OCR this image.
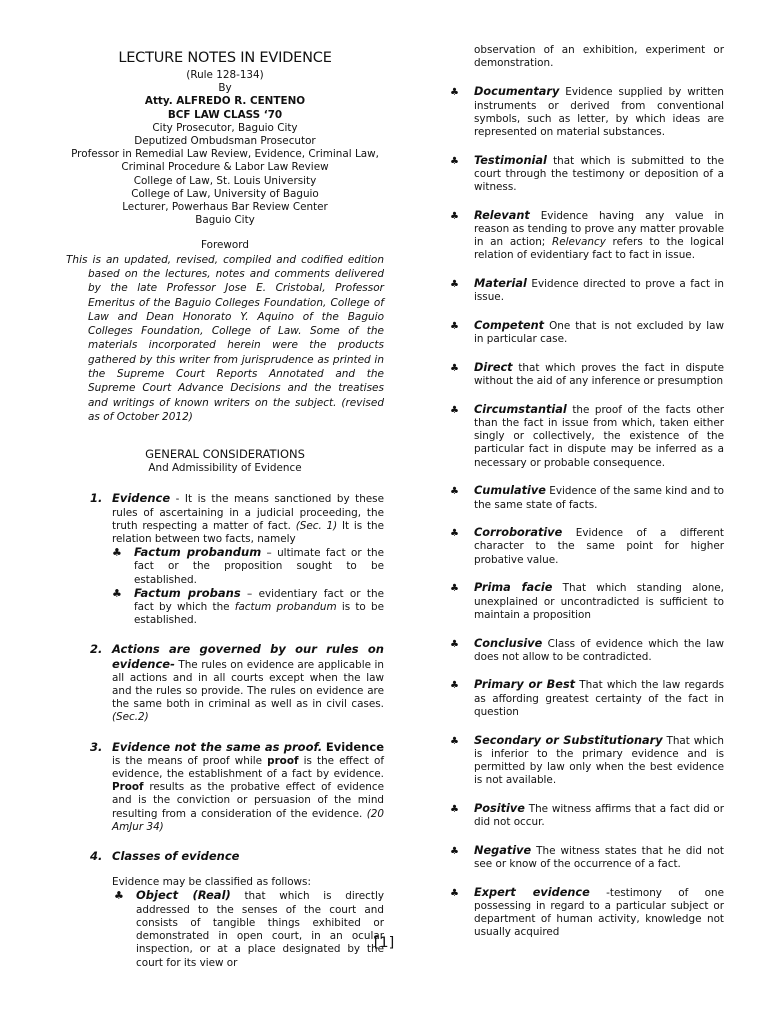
LECTURE NOTES IN EVIDENCE
(Rule 128-134)
By
Atty. ALFREDO R. CENTENO
BCF LAW CLASS ‘70
City Prosecutor, Baguio City
Deputized Ombudsman Prosecutor
Professor in Remedial Law Review, Evidence, Criminal Law,
Criminal Procedure & Labor Law Review
College of Law, St. Louis University
College of Law, University of Baguio
Lecturer, Powerhaus Bar Review Center
Baguio City
Foreword
This is an updated, revised, compiled and codified edition based on the lectures, notes and comments delivered by the late Professor Jose E. Cristobal, Professor Emeritus of the Baguio Colleges Foundation, College of Law and Dean Honorato Y. Aquino of the Baguio Colleges Foundation, College of Law. Some of the materials incorporated herein were the products gathered by this writer from jurisprudence as printed in the Supreme Court Reports Annotated and the Supreme Court Advance Decisions and the treatises and writings of known writers on the subject. (revised as of October 2012)
GENERAL CONSIDERATIONS
And Admissibility of Evidence
1. Evidence - It is the means sanctioned by these rules of ascertaining in a judicial proceeding, the truth respecting a matter of fact. (Sec. 1) It is the relation between two facts, namely
♣ Factum probandum – ultimate fact or the fact or the proposition sought to be established.
♣ Factum probans – evidentiary fact or the fact by which the factum probandum is to be established.
2. Actions are governed by our rules on evidence- The rules on evidence are applicable in all actions and in all courts except when the law and the rules so provide. The rules on evidence are the same both in criminal as well as in civil cases.(Sec.2)
3. Evidence not the same as proof. Evidence is the means of proof while proof is the effect of evidence, the establishment of a fact by evidence. Proof results as the probative effect of evidence and is the conviction or persuasion of the mind resulting from a consideration of the evidence. (20 AmJur 34)
4. Classes of evidence
Evidence may be classified as follows:
♣ Object (Real) that which is directly addressed to the senses of the court and consists of tangible things exhibited or demonstrated in open court, in an ocular inspection, or at a place designated by the court for its view or
observation of an exhibition, experiment or demonstration.
♣ Documentary Evidence supplied by written instruments or derived from conventional symbols, such as letter, by which ideas are represented on material substances.
♣ Testimonial that which is submitted to the court through the testimony or deposition of a witness.
♣ Relevant Evidence having any value in reason as tending to prove any matter provable in an action; Relevancy refers to the logical relation of evidentiary fact to fact in issue.
♣ Material Evidence directed to prove a fact in issue.
♣ Competent One that is not excluded by law in particular case.
♣ Direct that which proves the fact in dispute without the aid of any inference or presumption
♣ Circumstantial the proof of the facts other than the fact in issue from which, taken either singly or collectively, the existence of the particular fact in dispute may be inferred as a necessary or probable consequence.
♣ Cumulative Evidence of the same kind and to the same state of facts.
♣ Corroborative Evidence of a different character to the same point for higher probative value.
♣ Prima facie That which standing alone, unexplained or uncontradicted is sufficient to maintain a proposition
♣ Conclusive Class of evidence which the law does not allow to be contradicted.
♣ Primary or Best That which the law regards as affording greatest certainty of the fact in question
♣ Secondary or Substitutionary That which is inferior to the primary evidence and is permitted by law only when the best evidence is not available.
♣ Positive The witness affirms that a fact did or did not occur.
♣ Negative The witness states that he did not see or know of the occurrence of a fact.
♣ Expert evidence -testimony of one possessing in regard to a particular subject or department of human activity, knowledge not usually acquired
[1]
